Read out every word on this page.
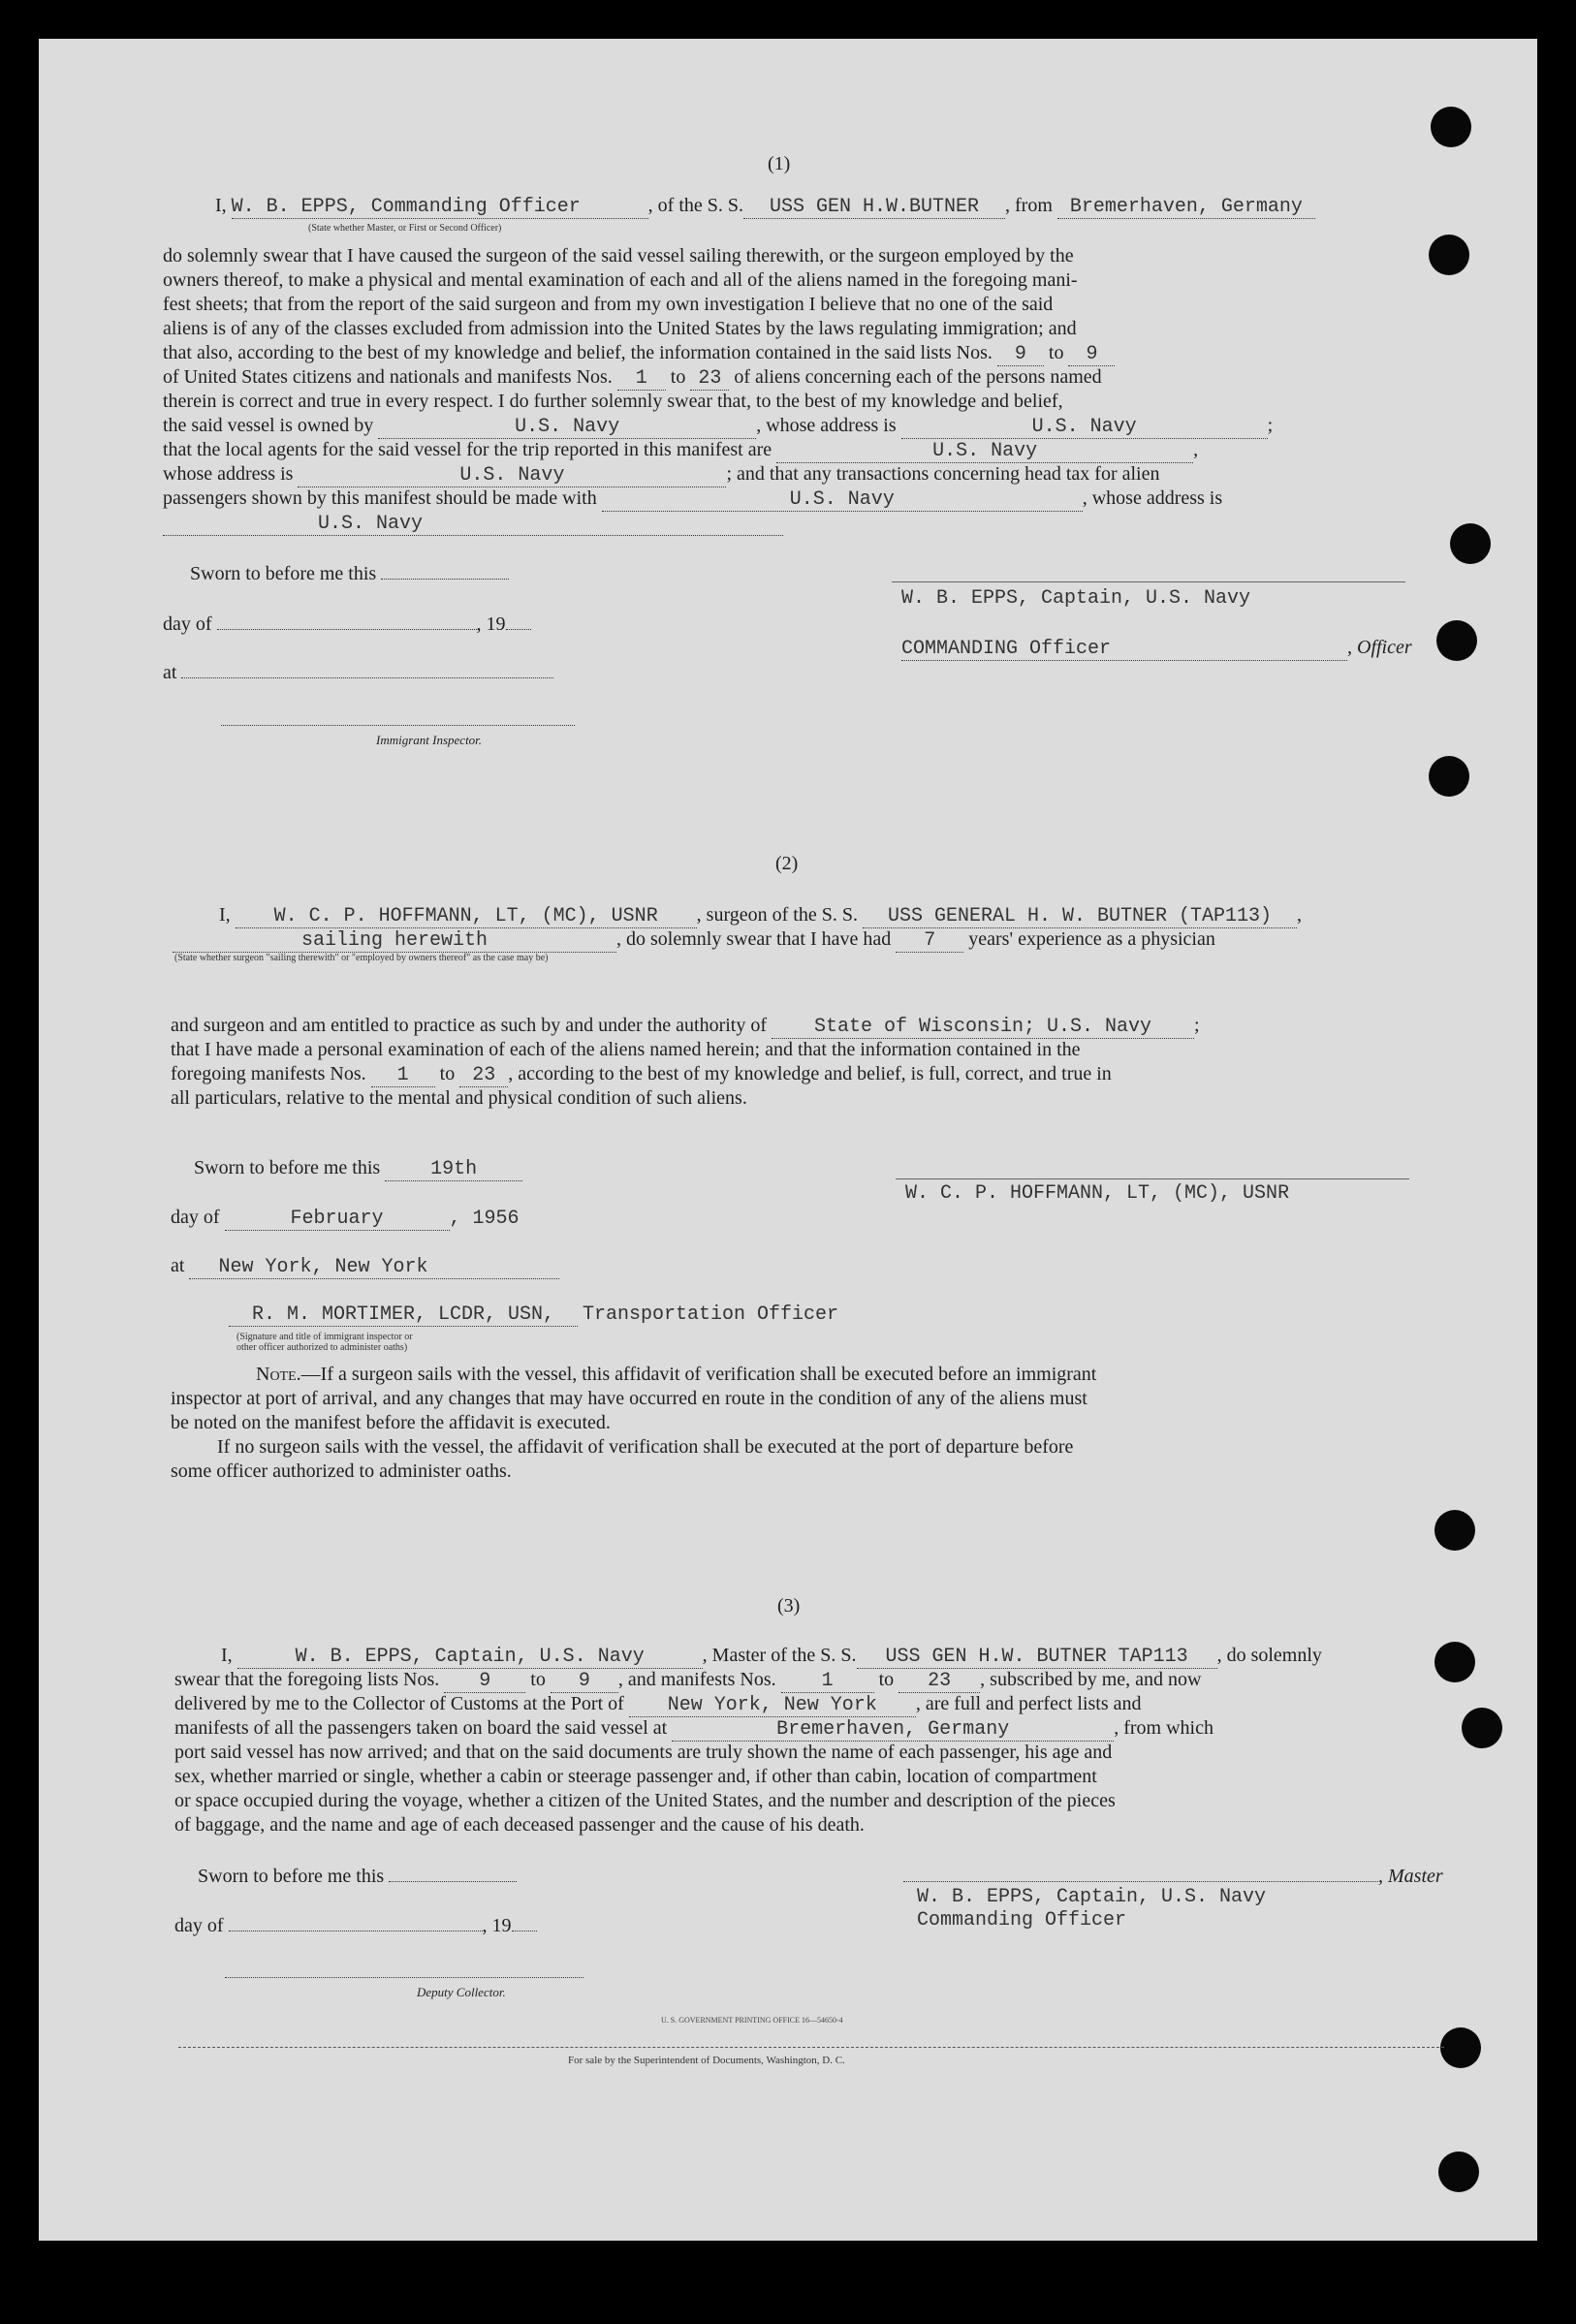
(1)
I, W. B. EPPS, Commanding Officer	, of the S. S. USS GEN H.W.BUTNER , from Bremerhaven, Germany
(State whether Master, or First or Second Officer)
do solemnly swear that I have caused the surgeon of the said vessel sailing therewith, or the surgeon employed by the
owners thereof, to make a physical and mental examination of each and all of the aliens named in the foregoing mani-
fest sheets; that from the report of the said surgeon and from my own investigation I believe that no one of the said
aliens is of any of the classes excluded from admission into the United States by the laws regulating immigration; and
that also, according to the best of my knowledge and belief, the information contained in the said lists Nos. 9 to 9
of United States citizens and nationals and manifests Nos. 1 to 23 of aliens concerning each of the persons named
therein is correct and true in every respect. I do further solemnly swear that, to the best of my knowledge and belief,
the said vessel is owned by	U.S. Navy	, whose address is	U.S. Navy	;
that the local agents for the said vessel for the trip reported in this manifest are	U.S. Navy	,
whose address is	U.S. Navy	; and that any transactions concerning head tax for alien
passengers shown by this manifest should be made with	U.S. Navy	, whose address is
U.S. Navy
Sworn to before me this
day of	, 19
at
Immigrant Inspector.
W. B. EPPS, Captain, U.S. Navy
COMMANDING Officer	, Officer
(2)
I, W. C. P. HOFFMANN, LT, (MC), USNR , surgeon of the S. S. USS GENERAL H. W. BUTNER (TAP113) ,
sailing herewith	, do solemnly swear that I have had 7 years' experience as a physician
(State whether surgeon "sailing therewith" or "employed by owners thereof" as the case may be)
and surgeon and am entitled to practice as such by and under the authority of State of Wisconsin; U.S. Navy ;
that I have made a personal examination of each of the aliens named herein; and that the information contained in the
foregoing manifests Nos. 1 to 23 , according to the best of my knowledge and belief, is full, correct, and true in
all particulars, relative to the mental and physical condition of such aliens.
Sworn to before me this	19th
day of	February	, 1956
at New York, New York
R. M. MORTIMER, LCDR, USN, Transportation Officer
(Signature and title of immigrant inspector or
other officer authorized to administer oaths)
W. C. P. HOFFMANN, LT, (MC), USNR
Note.—If a surgeon sails with the vessel, this affidavit of verification shall be executed before an immigrant
inspector at port of arrival, and any changes that may have occurred en route in the condition of any of the aliens must
be noted on the manifest before the affidavit is executed.
If no surgeon sails with the vessel, the affidavit of verification shall be executed at the port of departure before
some officer authorized to administer oaths.
(3)
I,	W. B. EPPS, Captain, U.S. Navy	, Master of the S. S. USS GEN H.W. BUTNER TAP113 , do solemnly
swear that the foregoing lists Nos. 9 to 9 , and manifests Nos. 1 to 23 , subscribed by me, and now
delivered by me to the Collector of Customs at the Port of New York, New York , are full and perfect lists and
manifests of all the passengers taken on board the said vessel at	Bremerhaven, Germany	, from which
port said vessel has now arrived; and that on the said documents are truly shown the name of each passenger, his age and
sex, whether married or single, whether a cabin or steerage passenger and, if other than cabin, location of compartment
or space occupied during the voyage, whether a citizen of the United States, and the number and description of the pieces
of baggage, and the name and age of each deceased passenger and the cause of his death.
Sworn to before me this
day of	, 19
Deputy Collector.
, Master
W. B. EPPS, Captain, U.S. Navy
Commanding Officer
U. S. GOVERNMENT PRINTING OFFICE 16—54650-4
For sale by the Superintendent of Documents, Washington, D. C.
